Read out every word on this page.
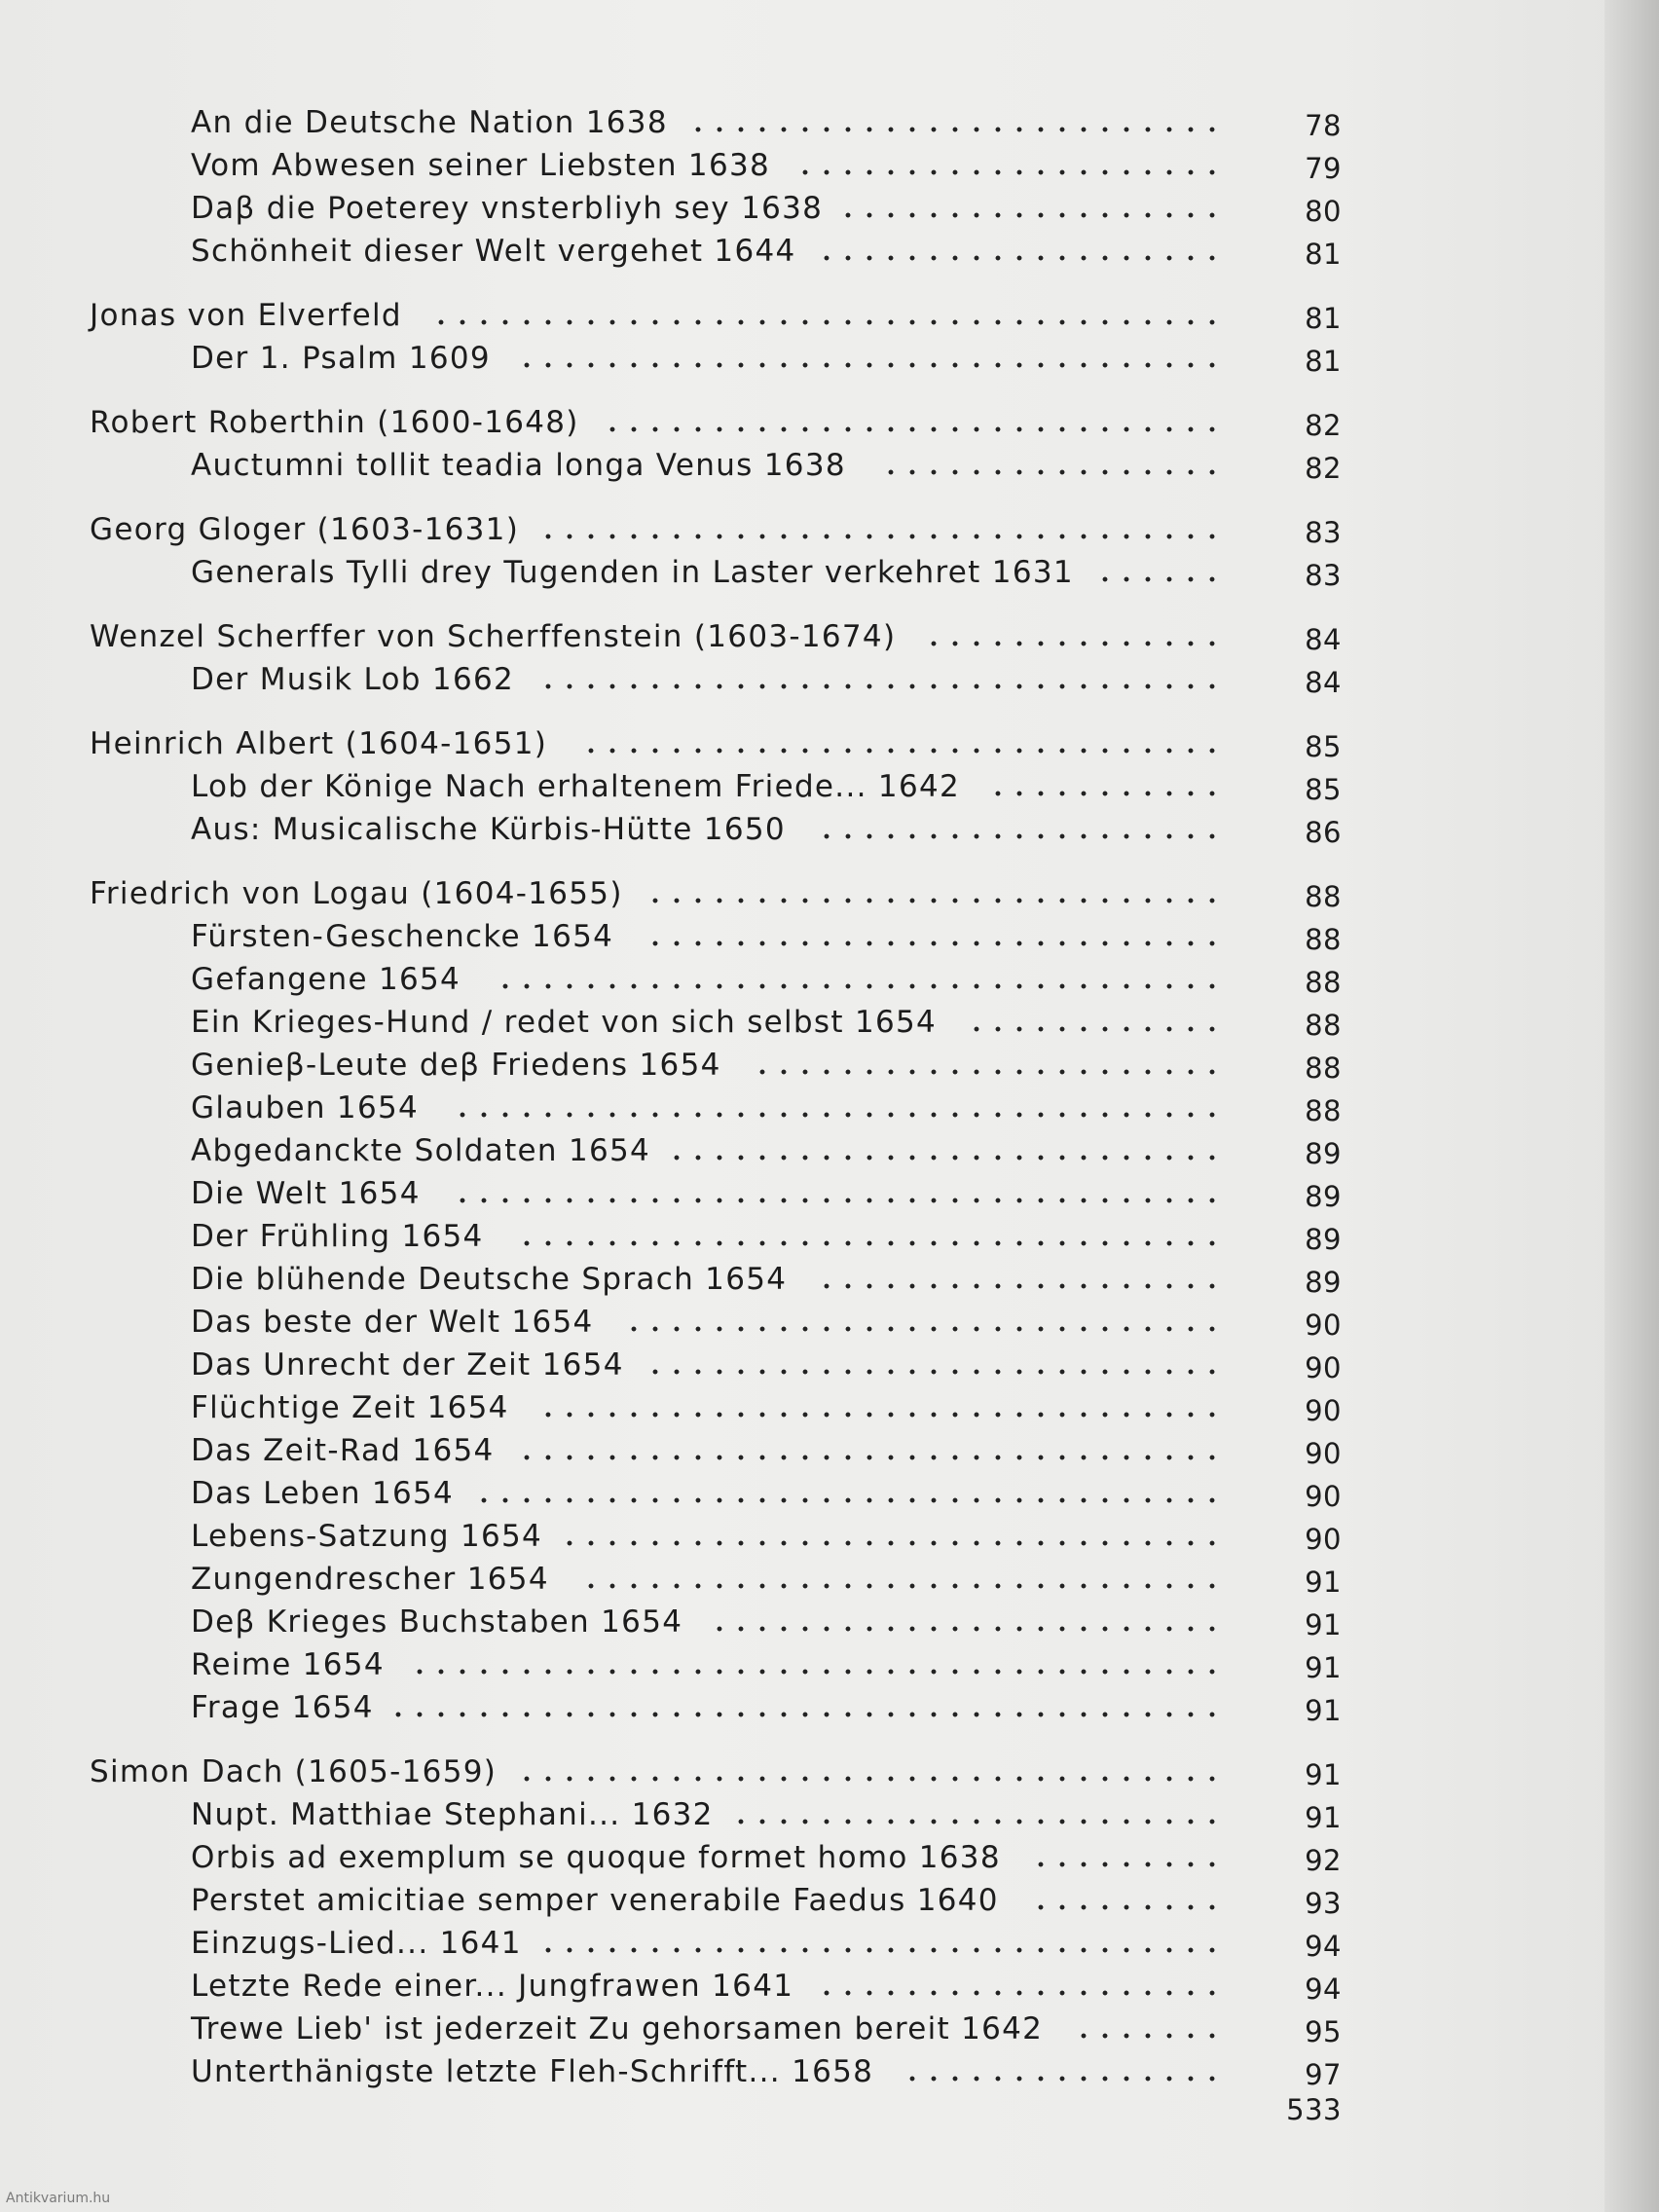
An die Deutsche Nation 1638	78
Vom Abwesen seiner Liebsten 1638	79
Daβ die Poeterey vnsterbliyh sey 1638	80
Schönheit dieser Welt vergehet 1644	81
Jonas von Elverfeld	81
Der 1. Psalm 1609	81
Robert Roberthin (1600-1648)	82
Auctumni tollit teadia longa Venus 1638	82
Georg Gloger (1603-1631)	83
Generals Tylli drey Tugenden in Laster verkehret 1631	83
Wenzel Scherffer von Scherffenstein (1603-1674)	84
Der Musik Lob 1662	84
Heinrich Albert (1604-1651)	85
Lob der Könige Nach erhaltenem Friede... 1642	85
Aus: Musicalische Kürbis-Hütte 1650	86
Friedrich von Logau (1604-1655)	88
Fürsten-Geschencke 1654	88
Gefangene 1654	88
Ein Krieges-Hund / redet von sich selbst 1654	88
Genieβ-Leute deβ Friedens 1654	88
Glauben 1654	88
Abgedanckte Soldaten 1654	89
Die Welt 1654	89
Der Frühling 1654	89
Die blühende Deutsche Sprach 1654	89
Das beste der Welt 1654	90
Das Unrecht der Zeit 1654	90
Flüchtige Zeit 1654	90
Das Zeit-Rad 1654	90
Das Leben 1654	90
Lebens-Satzung 1654	90
Zungendrescher 1654	91
Deβ Krieges Buchstaben 1654	91
Reime 1654	91
Frage 1654	91
Simon Dach (1605-1659)	91
Nupt. Matthiae Stephani... 1632	91
Orbis ad exemplum se quoque formet homo 1638	92
Perstet amicitiae semper venerabile Faedus 1640	93
Einzugs-Lied... 1641	94
Letzte Rede einer... Jungfrawen 1641	94
Trewe Lieb' ist jederzeit Zu gehorsamen bereit 1642	95
Unterthänigste letzte Fleh-Schrifft... 1658	97
533
Antikvarium.hu
